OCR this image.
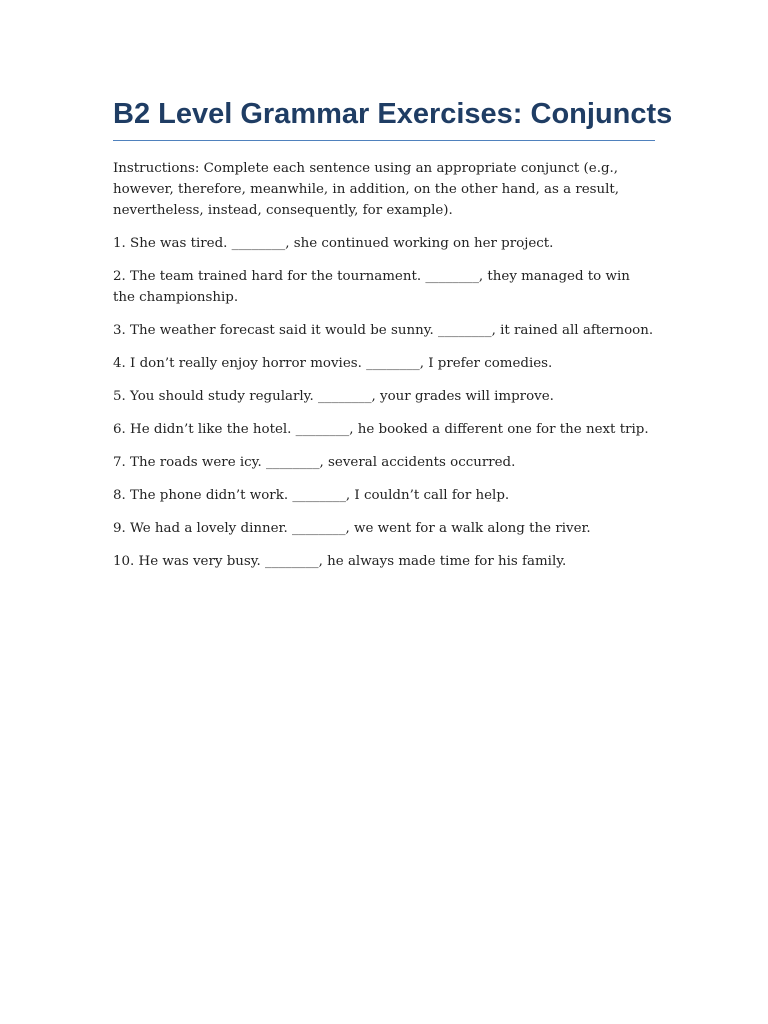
B2 Level Grammar Exercises: Conjuncts

Instructions: Complete each sentence using an appropriate conjunct (e.g., however, therefore, meanwhile, in addition, on the other hand, as a result, nevertheless, instead, consequently, for example).

1. She was tired. ________, she continued working on her project.
2. The team trained hard for the tournament. ________, they managed to win the championship.
3. The weather forecast said it would be sunny. ________, it rained all afternoon.
4. I don’t really enjoy horror movies. ________, I prefer comedies.
5. You should study regularly. ________, your grades will improve.
6. He didn’t like the hotel. ________, he booked a different one for the next trip.
7. The roads were icy. ________, several accidents occurred.
8. The phone didn’t work. ________, I couldn’t call for help.
9. We had a lovely dinner. ________, we went for a walk along the river.
10. He was very busy. ________, he always made time for his family.
